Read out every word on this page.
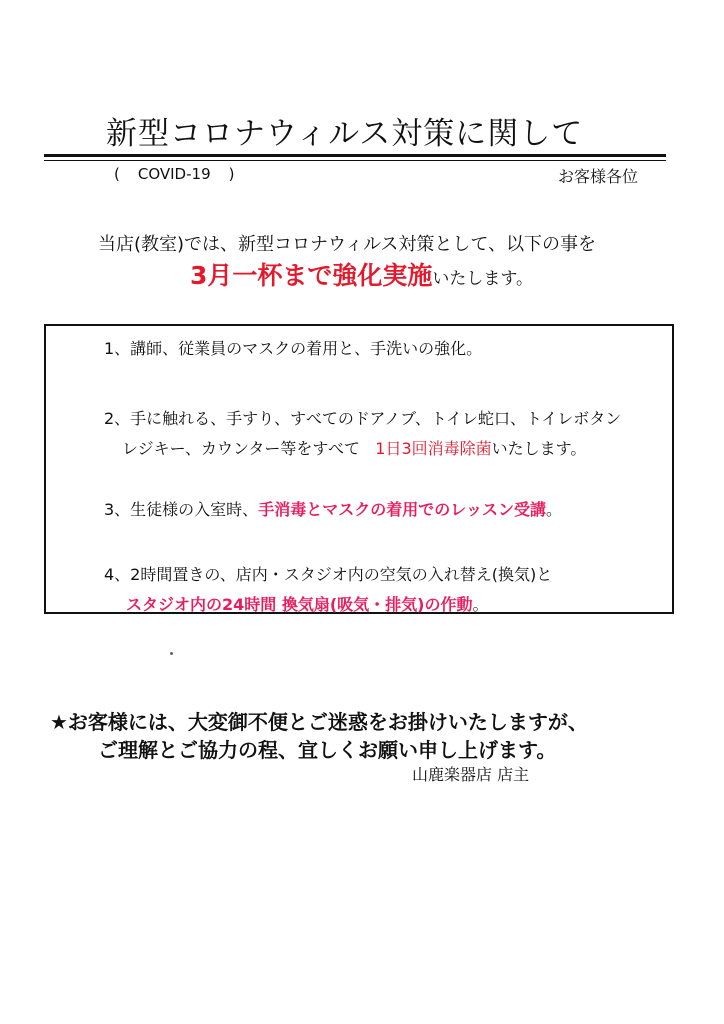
新型コロナウィルス対策に関して
( COVID-19 )	お客様各位
当店(教室)では、新型コロナウィルス対策として、以下の事を
3月一杯まで強化実施いたします。
1、講師、従業員のマスクの着用と、手洗いの強化。
2、手に触れる、手すり、すべてのドアノブ、トイレ蛇口、トイレボタン
レジキー、カウンター等をすべて 1日3回消毒除菌いたします。
3、生徒様の入室時、手消毒とマスクの着用でのレッスン受講。
4、2時間置きの、店内・スタジオ内の空気の入れ替え(換気)と
スタジオ内の24時間 換気扇(吸気・排気)の作動。
★お客様には、大変御不便とご迷惑をお掛けいたしますが、
ご理解とご協力の程、宜しくお願い申し上げます。
山鹿楽器店 店主
